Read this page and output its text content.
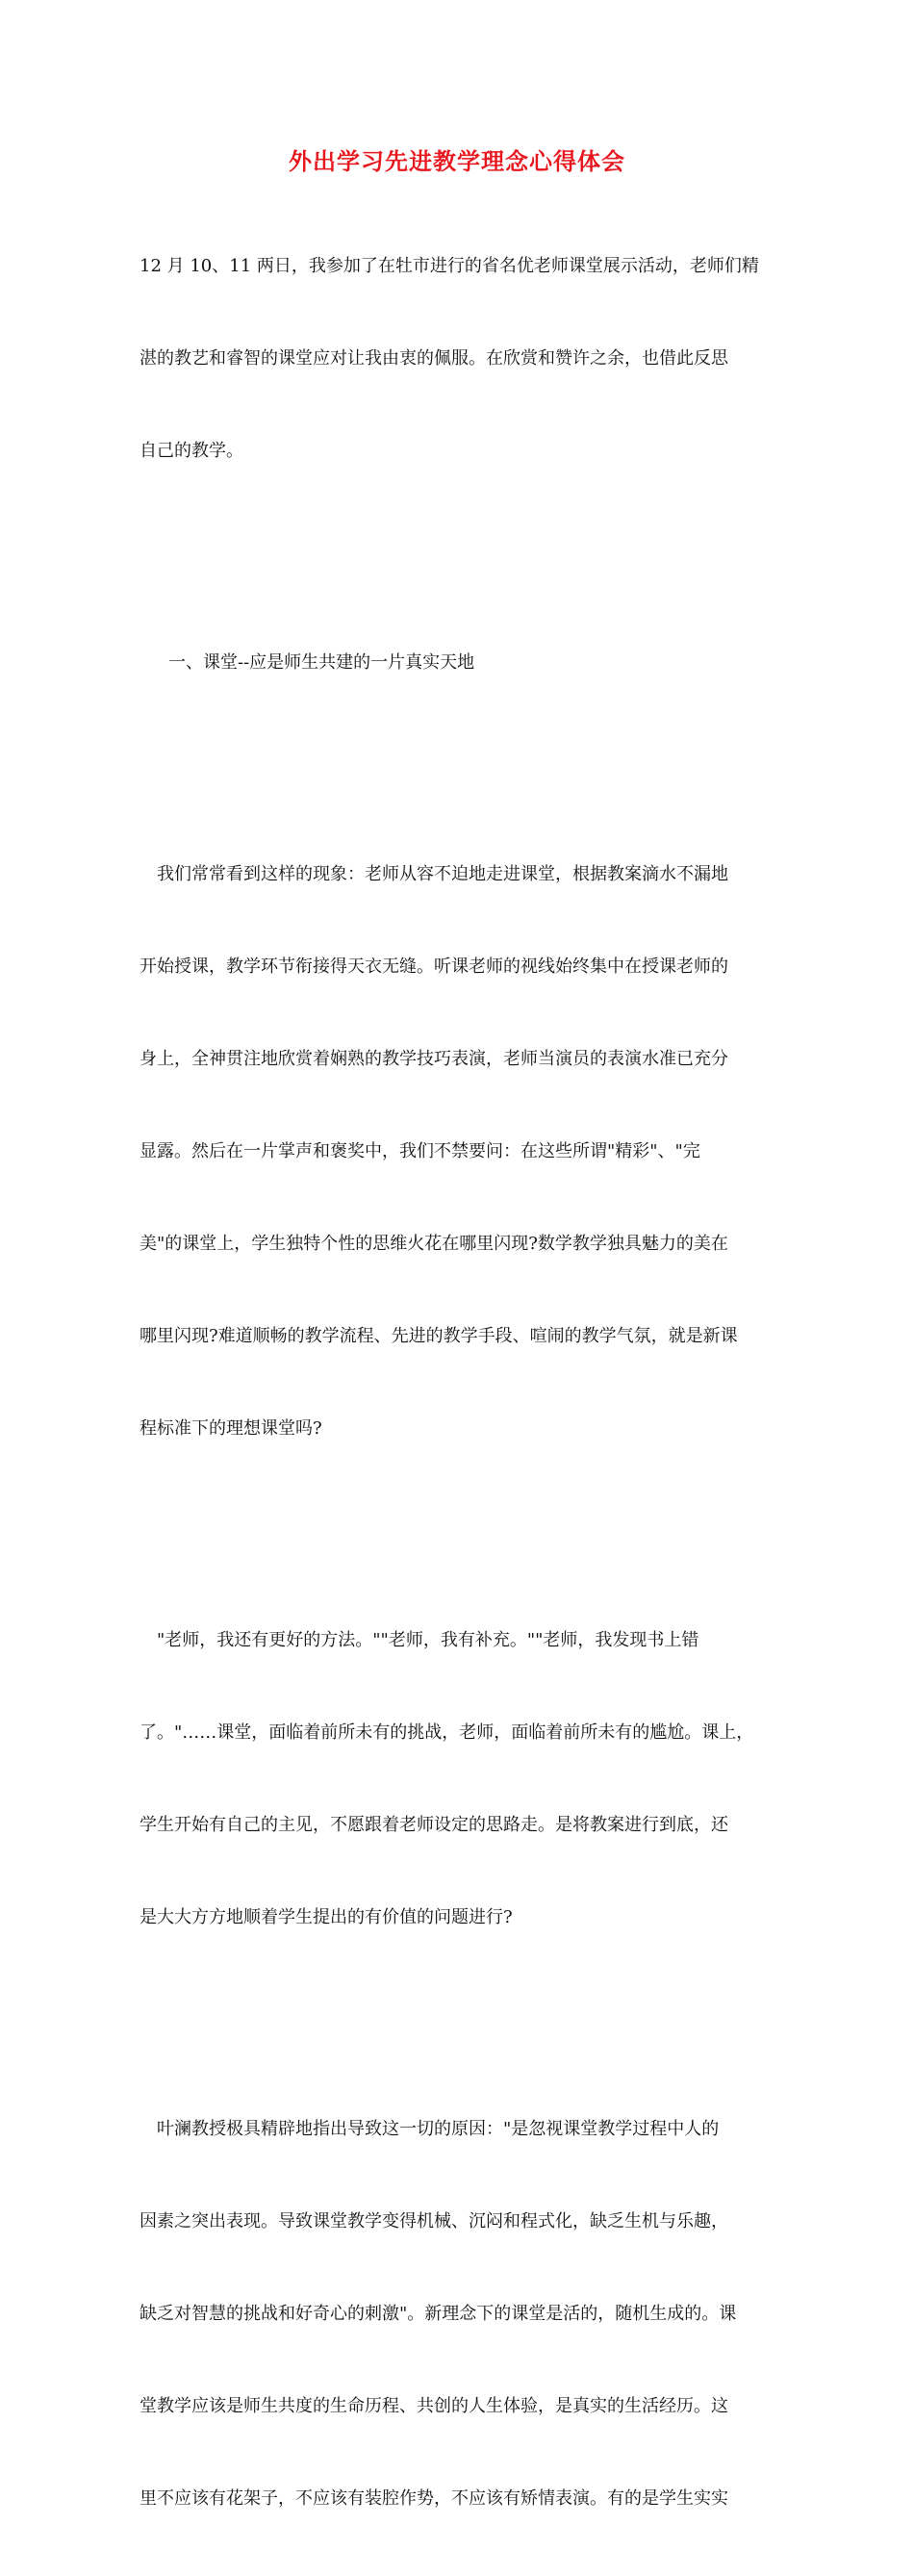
外出学习先进教学理念心得体会

12 月 10、11 两日，我参加了在牡市进行的省名优老师课堂展示活动，老师们精

湛的教艺和睿智的课堂应对让我由衷的佩服。在欣赏和赞许之余，也借此反思

自己的教学。

一、课堂--应是师生共建的一片真实天地

　我们常常看到这样的现象：老师从容不迫地走进课堂，根据教案滴水不漏地

开始授课，教学环节衔接得天衣无缝。听课老师的视线始终集中在授课老师的

身上，全神贯注地欣赏着娴熟的教学技巧表演，老师当演员的表演水准已充分

显露。然后在一片掌声和褒奖中，我们不禁要问：在这些所谓"精彩"、"完

美"的课堂上，学生独特个性的思维火花在哪里闪现?数学教学独具魅力的美在

哪里闪现?难道顺畅的教学流程、先进的教学手段、喧闹的教学气氛，就是新课

程标准下的理想课堂吗?

　"老师，我还有更好的方法。""老师，我有补充。""老师，我发现书上错

了。"……课堂，面临着前所未有的挑战，老师，面临着前所未有的尴尬。课上，

学生开始有自己的主见，不愿跟着老师设定的思路走。是将教案进行到底，还

是大大方方地顺着学生提出的有价值的问题进行?

　叶澜教授极具精辟地指出导致这一切的原因："是忽视课堂教学过程中人的

因素之突出表现。导致课堂教学变得机械、沉闷和程式化，缺乏生机与乐趣，

缺乏对智慧的挑战和好奇心的刺激"。新理念下的课堂是活的，随机生成的。课

堂教学应该是师生共度的生命历程、共创的人生体验，是真实的生活经历。这

里不应该有花架子，不应该有装腔作势，不应该有矫情表演。有的是学生实实
